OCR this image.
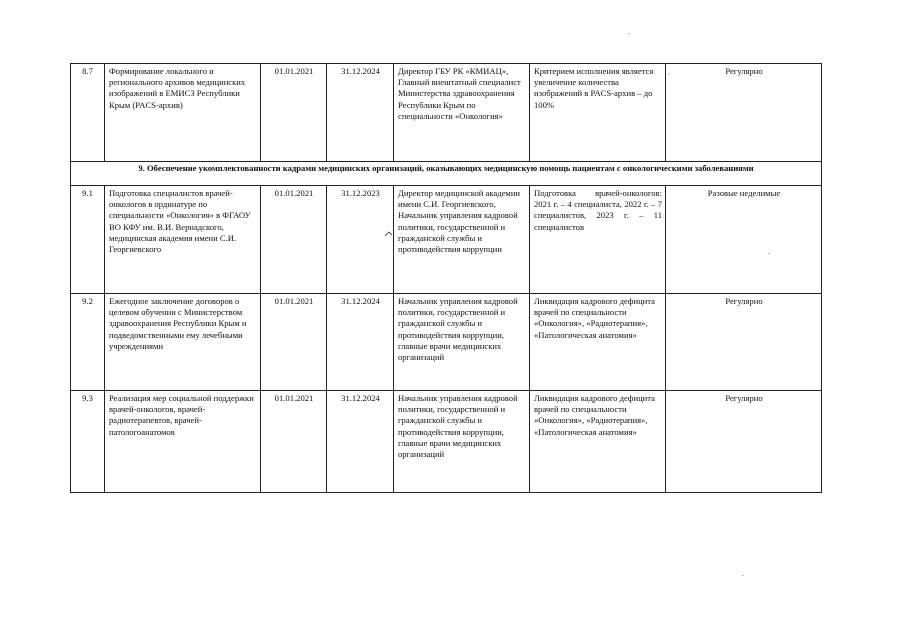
8.7	Формирование локального и регионального архивов медицинских изображений в ЕМИСЗ Республики Крым (PACS-архив)	01.01.2021	31.12.2024	Директор ГБУ РК «КМИАЦ», Главный внештатный специалист Министерства здравоохранения Республики Крым по специальности «Онкология»	Критерием исполнения является увеличение количества изображений в PACS-архив – до 100%	Регулярно
9. Обеспечение укомплектованности кадрами медицинских организаций, оказывающих медицинскую помощь пациентам с онкологическими заболеваниями						
9.1	Подготовка специалистов врачей-онкологов в ординатуре по специальности «Онкология» в ФГАОУ ВО КФУ им. В.И. Вернадского, медицинская академия имени С.И. Георгиевского	01.01.2021	31.12.2023	Директор медицинской академии имени С.И. Георгиевского, Начальник управления кадровой политики, государственной и гражданской службы и противодействия коррупции	Подготовка врачей-онкологов: 2021 г. – 4 специалиста, 2022 г. – 7 специалистов, 2023 г. – 11 специалистов	Разовые неделимые
9.2	Ежегодное заключение договоров о целевом обучении с Министерством здравоохранения Республики Крым и подведомственными ему лечебными учреждениями	01.01.2021	31.12.2024	Начальник управления кадровой политики, государственной и гражданской службы и противодействия коррупции, главные врачи медицинских организаций	Ликвидация кадрового дефицита врачей по специальности «Онкология», «Радиотерапия», «Патологическая анатомия»	Регулярно
9.3	Реализация мер социальной поддержки врачей-онкологов, врачей-радиотерапевтов, врачей-патологоанатомов	01.01.2021	31.12.2024	Начальник управления кадровой политики, государственной и гражданской службы и противодействия коррупции, главные врачи медицинских организаций	Ликвидация кадрового дефицита врачей по специальности «Онкология», «Радиотерапия», «Патологическая анатомия»	Регулярно
